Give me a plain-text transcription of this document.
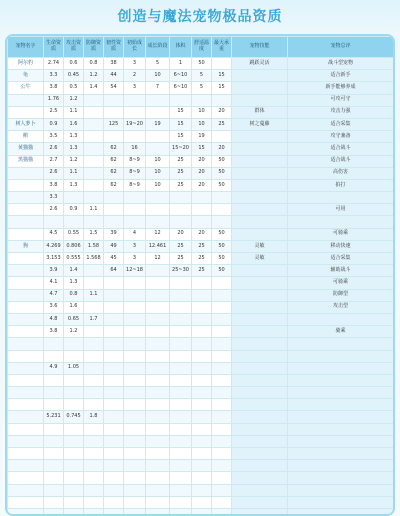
创造与魔法宠物极品资质
宠物名字	生命资质	攻击资质	防御资质	韧性资质	初始成长	成长阶段	体积	舒适温度	最大承重	宠物技能	宠物总评
阿尔豹	2.74	0.6	0.8	38	3	5	1	50		跳跃灵活	战斗型宠物
龟	3.3	0.45	1.2	44	2	10	6~10	5	15		适合新手
公牛	3.8	0.5	1.4	54	3	7	6~10	5	15		新手能够养成
	1.76	1.2									可攻可守
	2.5	1.1					15	10	20	群体	攻击力强
树人萝卜	0.9	1.6		125	19~20	19	15	10	25	树之蔓藤	适合采集
鹅	3.5	1.3					15	19			攻守兼备
黄猫猫	2.6	1.3		62	16		15~20	15	20		适合战斗
黑猫猫	2.7	1.2		62	8~9	10	25	20	50		适合战斗
	2.6	1.1		62	8~9	10	25	20	50		高伤害
	3.8	1.3		62	8~9	10	25	20	50		拍打
	3.3										
	2.6	0.9	1.1								可用

	4.5	0.55	1.5	39	4	12	20	20	50		可骑乘
狗	4.269	0.806	1.58	49	3	12.461	25	25	50	灵敏	移动快速
	3.153	0.555	1.568	45	3	12	25	25	50	灵敏	适合采集
	3.9	1.4		64	12~18		25~30	25	50		辅助战斗
	4.1	1.3									可骑乘
	4.7	0.8	1.1								防御型
	3.6	1.6									攻击型
	4.8	0.65	1.7								
	3.8	1.2									骑乘

	4.9	1.05									

	5.231	0.745	1.8								
